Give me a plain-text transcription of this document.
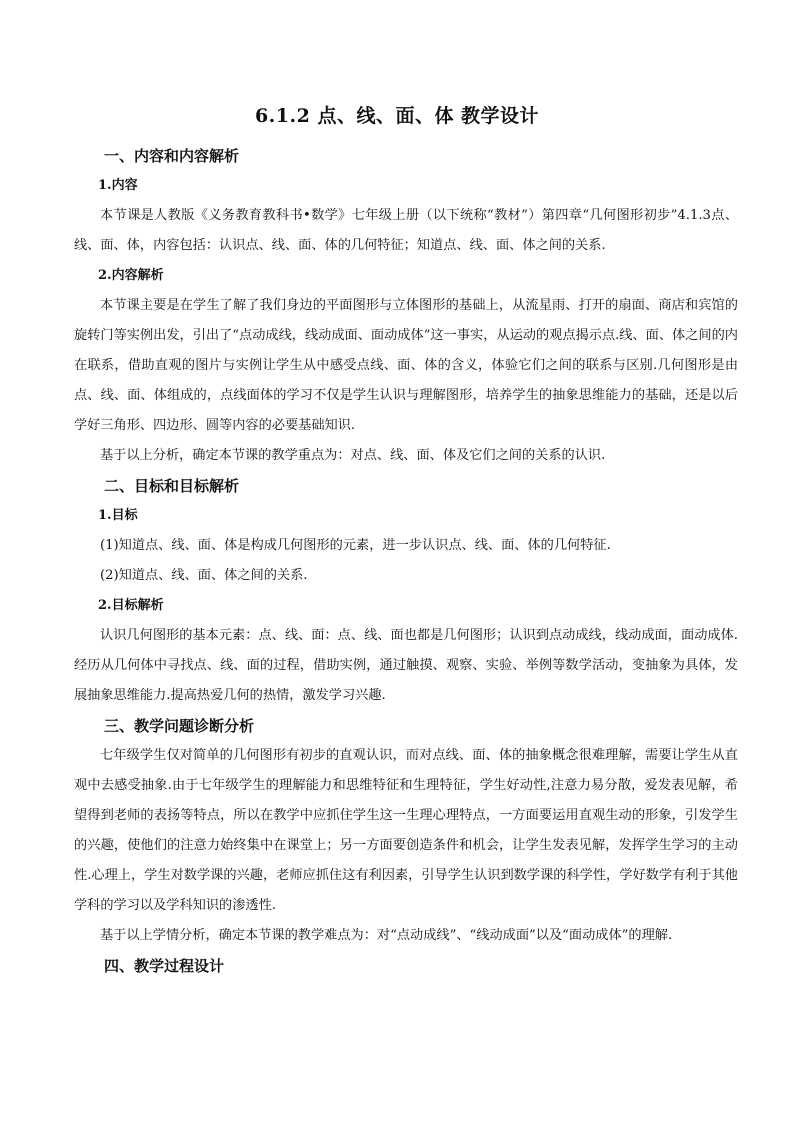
6.1.2 点、线、面、体 教学设计
一、内容和内容解析
1.内容

本节课是人教版《义务教育教科书•数学》七年级上册（以下统称“教材”）第四章“几何图形初步”4.1.3点、线、面、体，内容包括：认识点、线、面、体的几何特征；知道点、线、面、体之间的关系.

2.内容解析

本节课主要是在学生了解了我们身边的平面图形与立体图形的基础上，从流星雨、打开的扇面、商店和宾馆的旋转门等实例出发，引出了“点动成线，线动成面、面动成体”这一事实，从运动的观点揭示点.线、面、体之间的内在联系，借助直观的图片与实例让学生从中感受点线、面、体的含义，体验它们之间的联系与区别.几何图形是由点、线、面、体组成的，点线面体的学习不仅是学生认识与理解图形，培养学生的抽象思维能力的基础，还是以后学好三角形、四边形、圆等内容的必要基础知识.

基于以上分析，确定本节课的教学重点为：对点、线、面、体及它们之间的关系的认识.

二、目标和目标解析
1.目标

(1)知道点、线、面、体是构成几何图形的元素，进一步认识点、线、面、体的几何特征.

(2)知道点、线、面、体之间的关系.

2.目标解析

认识几何图形的基本元素：点、线、面：点、线、面也都是几何图形；认识到点动成线，线动成面，面动成体.经历从几何体中寻找点、线、面的过程，借助实例，通过触摸、观察、实验、举例等数学活动，变抽象为具体，发展抽象思维能力.提高热爱几何的热情，激发学习兴趣.

三、教学问题诊断分析

七年级学生仅对简单的几何图形有初步的直观认识，而对点线、面、体的抽象概念很难理解，需要让学生从直观中去感受抽象.由于七年级学生的理解能力和思维特征和生理特征，学生好动性,注意力易分散，爱发表见解，希望得到老师的表扬等特点，所以在教学中应抓住学生这一生理心理特点，一方面要运用直观生动的形象，引发学生的兴趣，使他们的注意力始终集中在课堂上；另一方面要创造条件和机会，让学生发表见解，发挥学生学习的主动性.心理上，学生对数学课的兴趣，老师应抓住这有利因素，引导学生认识到数学课的科学性，学好数学有利于其他学科的学习以及学科知识的渗透性.

基于以上学情分析，确定本节课的教学难点为：对“点动成线”、“线动成面”以及“面动成体”的理解.

四、教学过程设计
